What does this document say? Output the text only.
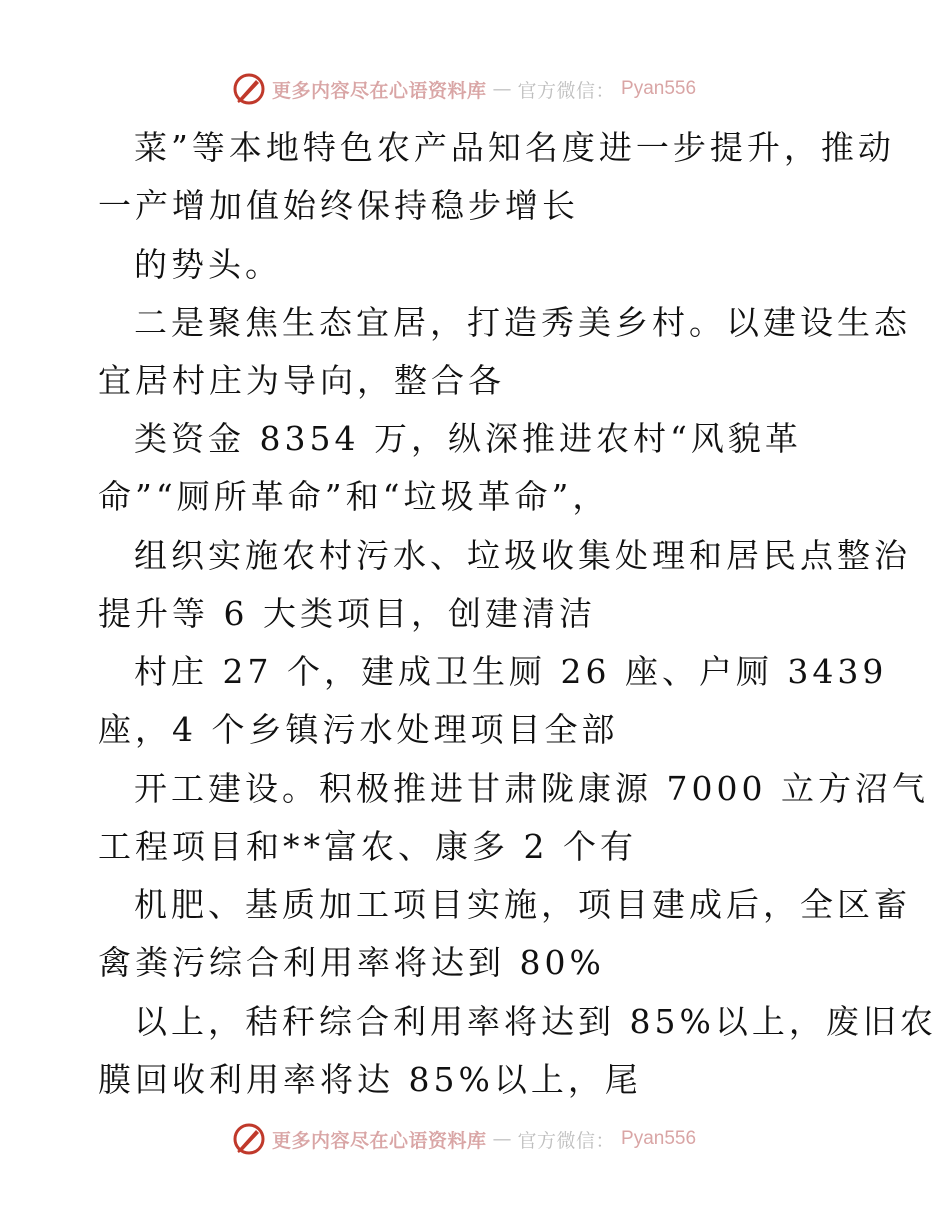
更多内容尽在心语资料库 — 官方微信： Pyan556
菜”等本地特色农产品知名度进一步提升，推动
一产增加值始终保持稳步增长
的势头。
二是聚焦生态宜居，打造秀美乡村。以建设生态
宜居村庄为导向，整合各
类资金 8354 万，纵深推进农村“风貌革
命”“厕所革命”和“垃圾革命”，
组织实施农村污水、垃圾收集处理和居民点整治
提升等 6 大类项目，创建清洁
村庄 27 个，建成卫生厕 26 座、户厕 3439
座，4 个乡镇污水处理项目全部
开工建设。积极推进甘肃陇康源 7000 立方沼气
工程项目和**富农、康多 2 个有
机肥、基质加工项目实施，项目建成后，全区畜
禽粪污综合利用率将达到 80%
以上，秸秆综合利用率将达到 85%以上，废旧农
膜回收利用率将达 85%以上，尾
更多内容尽在心语资料库 — 官方微信： Pyan556
